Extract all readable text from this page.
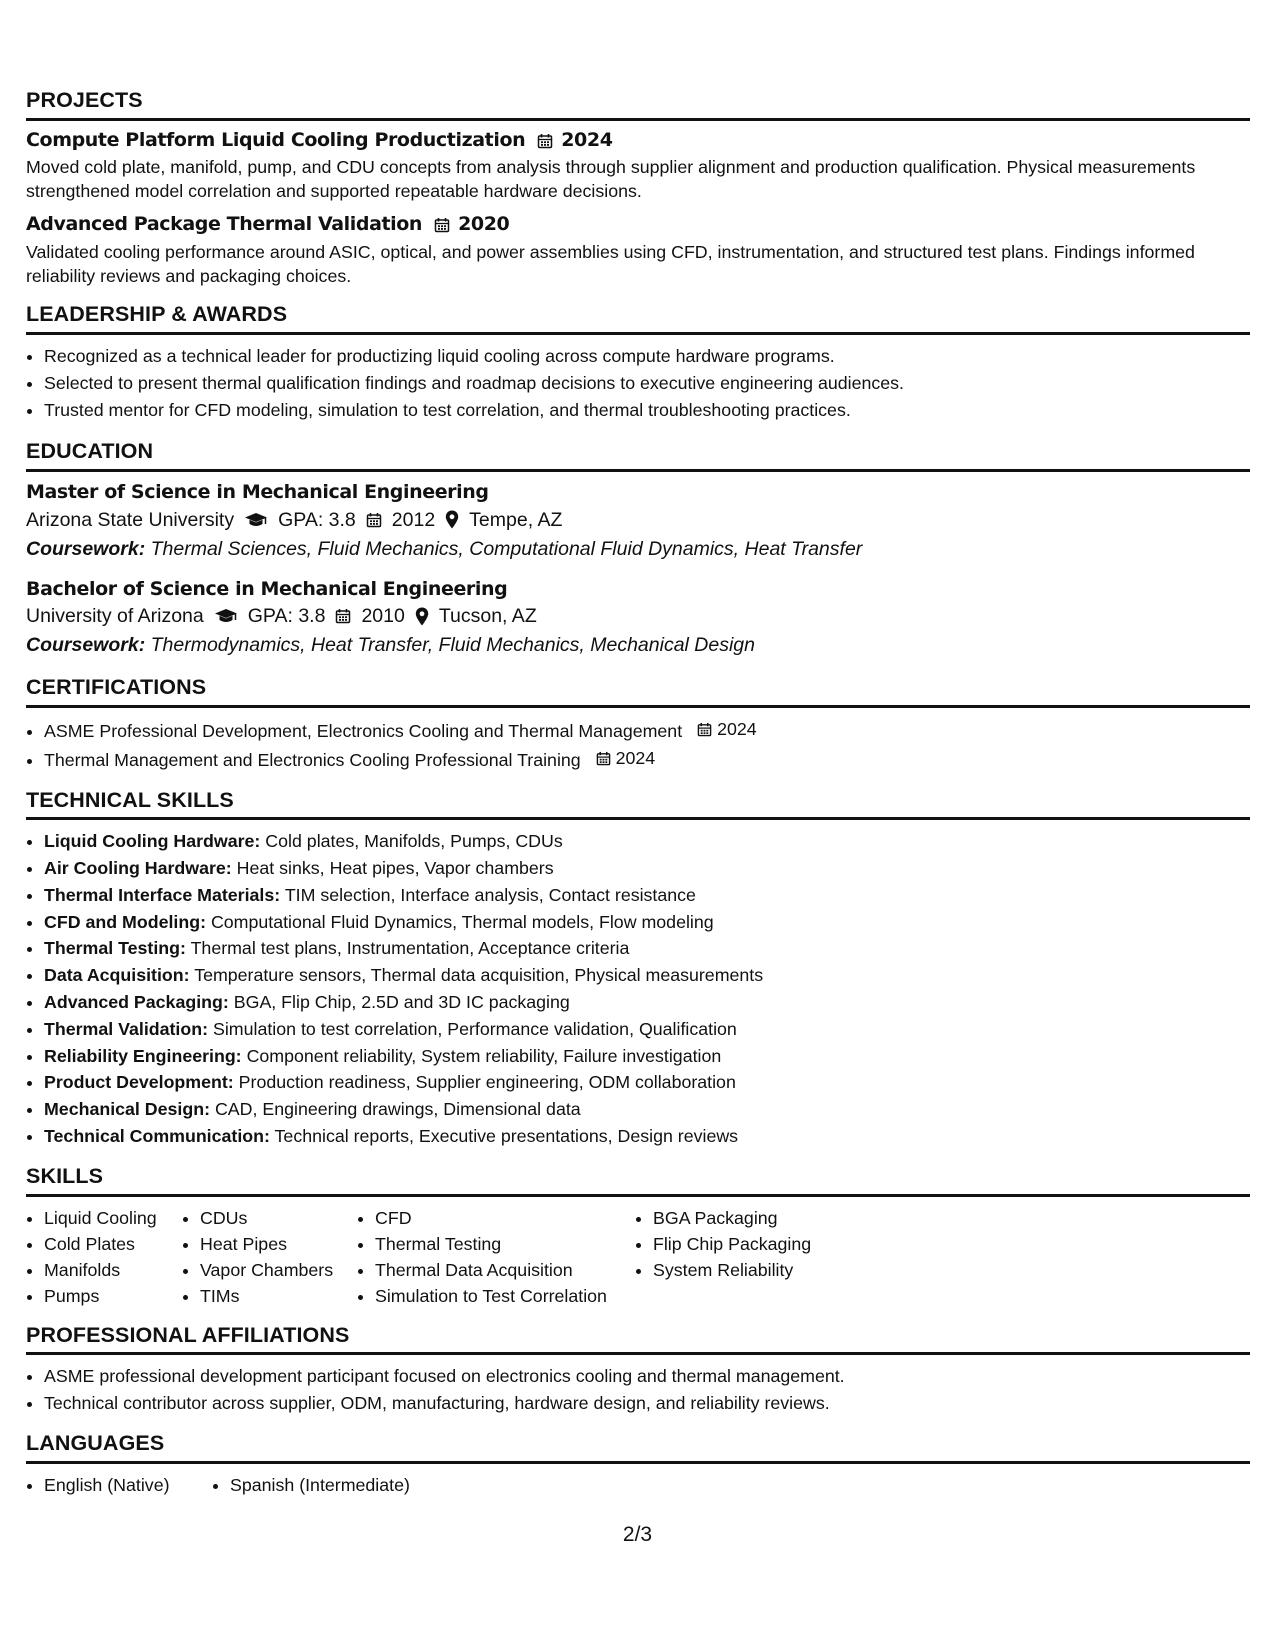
PROJECTS
Compute Platform Liquid Cooling Productization 2024
Moved cold plate, manifold, pump, and CDU concepts from analysis through supplier alignment and production qualification. Physical measurements strengthened model correlation and supported repeatable hardware decisions.
Advanced Package Thermal Validation 2020
Validated cooling performance around ASIC, optical, and power assemblies using CFD, instrumentation, and structured test plans. Findings informed reliability reviews and packaging choices.
LEADERSHIP & AWARDS
• Recognized as a technical leader for productizing liquid cooling across compute hardware programs.
• Selected to present thermal qualification findings and roadmap decisions to executive engineering audiences.
• Trusted mentor for CFD modeling, simulation to test correlation, and thermal troubleshooting practices.
EDUCATION
Master of Science in Mechanical Engineering
Arizona State University GPA: 3.8 2012 Tempe, AZ
Coursework: Thermal Sciences, Fluid Mechanics, Computational Fluid Dynamics, Heat Transfer
Bachelor of Science in Mechanical Engineering
University of Arizona GPA: 3.8 2010 Tucson, AZ
Coursework: Thermodynamics, Heat Transfer, Fluid Mechanics, Mechanical Design
CERTIFICATIONS
• ASME Professional Development, Electronics Cooling and Thermal Management 2024
• Thermal Management and Electronics Cooling Professional Training 2024
TECHNICAL SKILLS
• Liquid Cooling Hardware: Cold plates, Manifolds, Pumps, CDUs
• Air Cooling Hardware: Heat sinks, Heat pipes, Vapor chambers
• Thermal Interface Materials: TIM selection, Interface analysis, Contact resistance
• CFD and Modeling: Computational Fluid Dynamics, Thermal models, Flow modeling
• Thermal Testing: Thermal test plans, Instrumentation, Acceptance criteria
• Data Acquisition: Temperature sensors, Thermal data acquisition, Physical measurements
• Advanced Packaging: BGA, Flip Chip, 2.5D and 3D IC packaging
• Thermal Validation: Simulation to test correlation, Performance validation, Qualification
• Reliability Engineering: Component reliability, System reliability, Failure investigation
• Product Development: Production readiness, Supplier engineering, ODM collaboration
• Mechanical Design: CAD, Engineering drawings, Dimensional data
• Technical Communication: Technical reports, Executive presentations, Design reviews
SKILLS
• Liquid Cooling
• Cold Plates
• Manifolds
• Pumps
• CDUs
• Heat Pipes
• Vapor Chambers
• TIMs
• CFD
• Thermal Testing
• Thermal Data Acquisition
• Simulation to Test Correlation
• BGA Packaging
• Flip Chip Packaging
• System Reliability
PROFESSIONAL AFFILIATIONS
• ASME professional development participant focused on electronics cooling and thermal management.
• Technical contributor across supplier, ODM, manufacturing, hardware design, and reliability reviews.
LANGUAGES
• English (Native)
•	Spanish (Intermediate)
2/3
